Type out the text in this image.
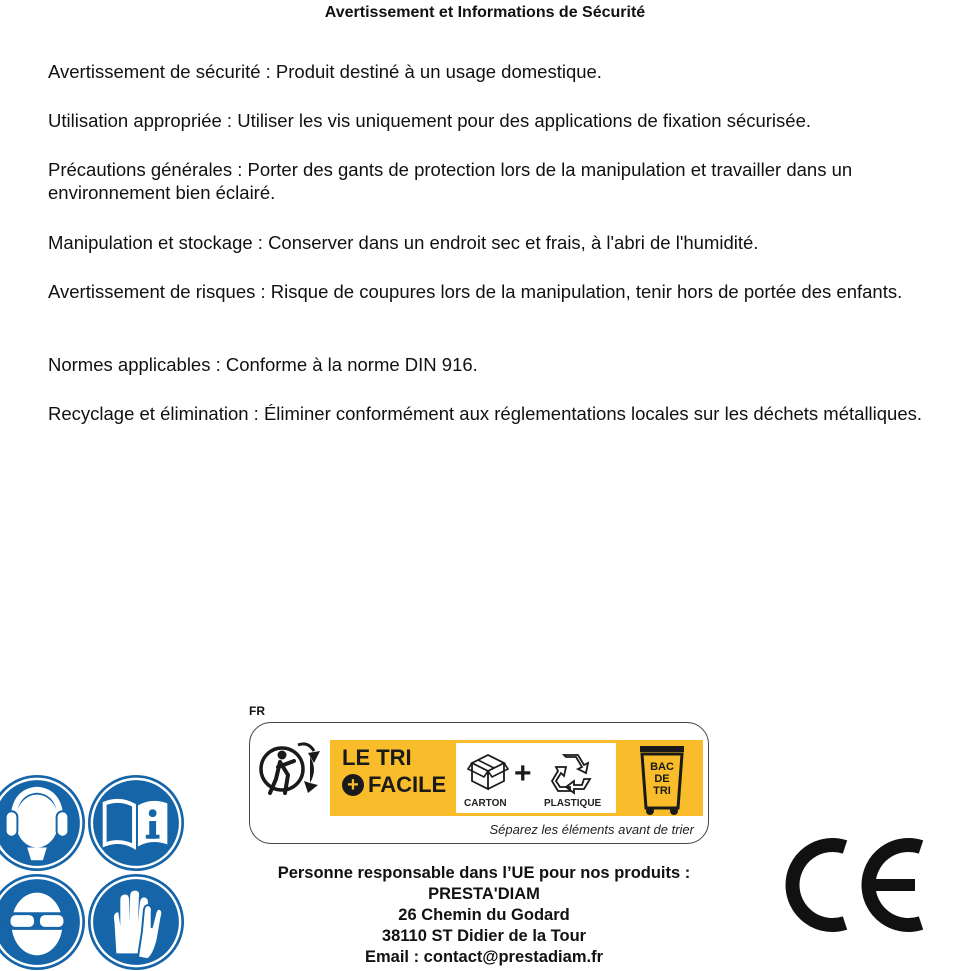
Avertissement et Informations de Sécurité

Avertissement de sécurité : Produit destiné à un usage domestique.

Utilisation appropriée : Utiliser les vis uniquement pour des applications de fixation sécurisée.

Précautions générales : Porter des gants de protection lors de la manipulation et travailler dans un environnement bien éclairé.

Manipulation et stockage : Conserver dans un endroit sec et frais, à l'abri de l'humidité.

Avertissement de risques : Risque de coupures lors de la manipulation, tenir hors de portée des enfants.

Normes applicables : Conforme à la norme DIN 916.

Recyclage et élimination : Éliminer conformément aux réglementations locales sur les déchets métalliques.

FR
LE TRI
+ FACILE +
CARTON	PLASTIQUE
BAC
DE
TRI
Séparez les éléments avant de trier
Personne responsable dans l’UE pour nos produits :
PRESTA'DIAM
26 Chemin du Godard
38110 ST Didier de la Tour
Email : contact@prestadiam.fr
